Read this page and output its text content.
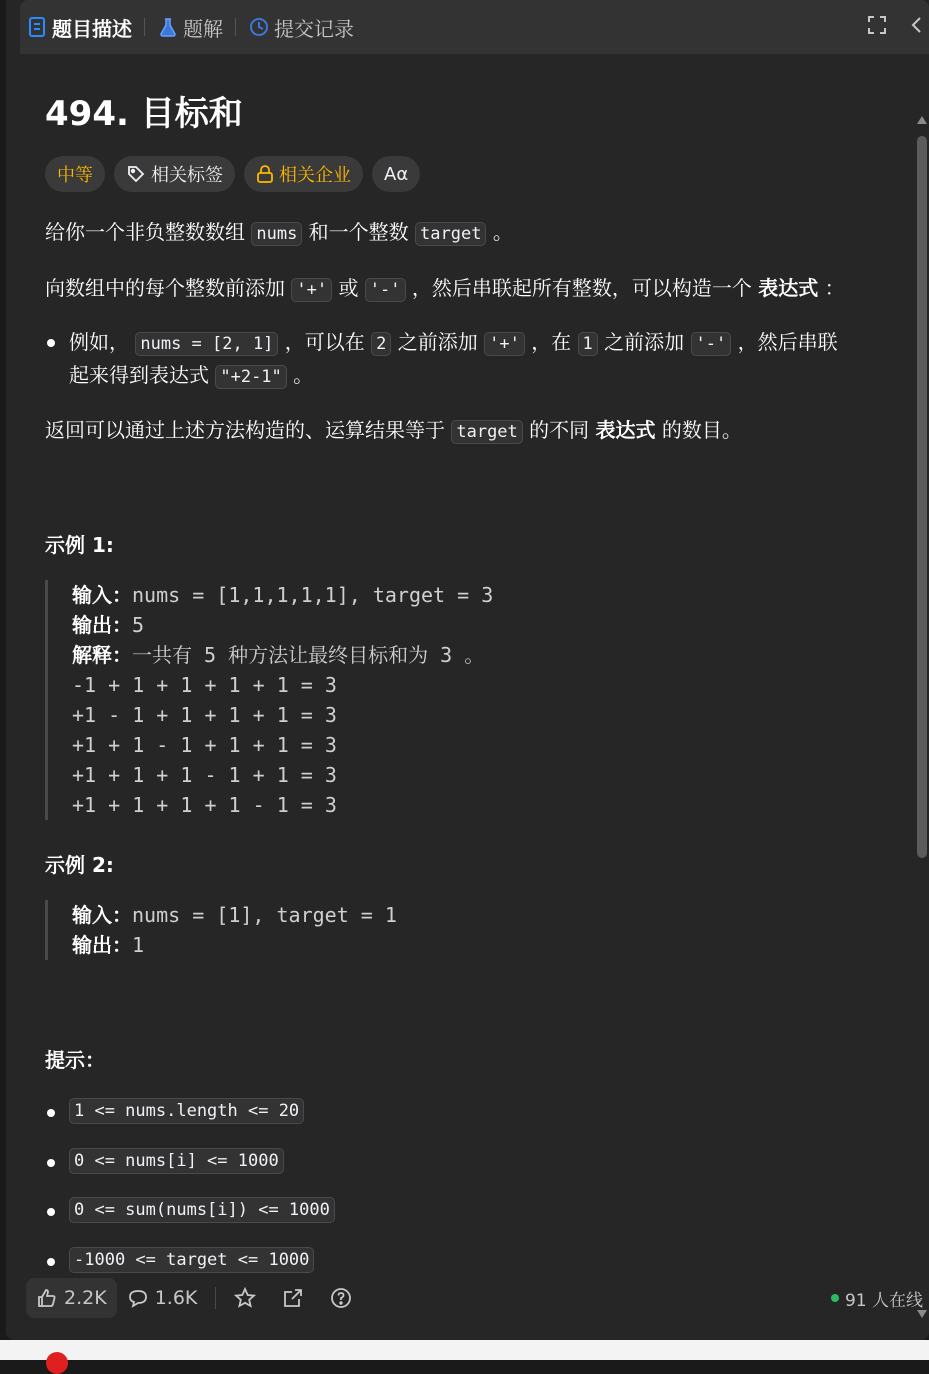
题目描述	题解	提交记录
494. 目标和
中等	相关标签	相关企业 Aα
给你一个非负整数数组 nums 和一个整数 target 。
向数组中的每个整数前添加 '+' 或 '-' ，然后串联起所有整数，可以构造一个 表达式 ：
例如， nums = [2, 1] ，可以在 2 之前添加 '+' ，在 1 之前添加 '-' ，然后串联
起来得到表达式 "+2-1" 。
返回可以通过上述方法构造的、运算结果等于 target 的不同 表达式 的数目。
示例 1:
输入：nums = [1,1,1,1,1], target = 3
输出：5
解释：一共有 5 种方法让最终目标和为 3 。
-1 + 1 + 1 + 1 + 1 = 3
+1 - 1 + 1 + 1 + 1 = 3
+1 + 1 - 1 + 1 + 1 = 3
+1 + 1 + 1 - 1 + 1 = 3
+1 + 1 + 1 + 1 - 1 = 3
示例 2:
输入：nums = [1], target = 1
输出：1
提示：
1 <= nums.length <= 20
0 <= nums[i] <= 1000
0 <= sum(nums[i]) <= 1000
-1000 <= target <= 1000
2.2K	1.6K	91 人在线
